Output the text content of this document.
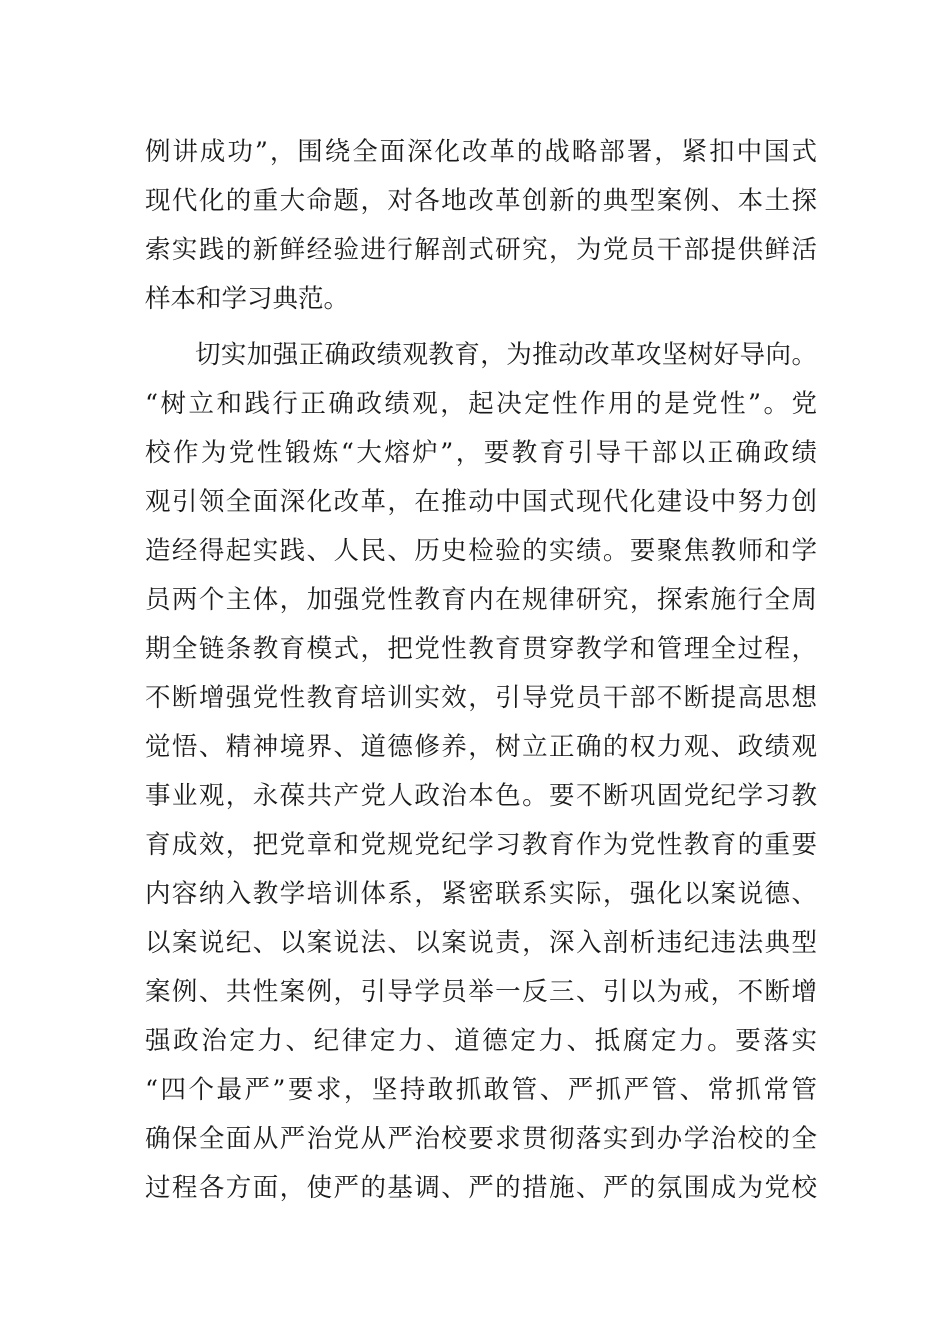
例讲成功”，围绕全面深化改革的战略部署，紧扣中国式
现代化的重大命题，对各地改革创新的典型案例、本土探
索实践的新鲜经验进行解剖式研究，为党员干部提供鲜活
样本和学习典范。
切实加强正确政绩观教育，为推动改革攻坚树好导向。
“树立和践行正确政绩观，起决定性作用的是党性”。党
校作为党性锻炼“大熔炉”，要教育引导干部以正确政绩
观引领全面深化改革，在推动中国式现代化建设中努力创
造经得起实践、人民、历史检验的实绩。要聚焦教师和学
员两个主体，加强党性教育内在规律研究，探索施行全周
期全链条教育模式，把党性教育贯穿教学和管理全过程，
不断增强党性教育培训实效，引导党员干部不断提高思想
觉悟、精神境界、道德修养，树立正确的权力观、政绩观
事业观，永葆共产党人政治本色。要不断巩固党纪学习教
育成效，把党章和党规党纪学习教育作为党性教育的重要
内容纳入教学培训体系，紧密联系实际，强化以案说德、
以案说纪、以案说法、以案说责，深入剖析违纪违法典型
案例、共性案例，引导学员举一反三、引以为戒，不断增
强政治定力、纪律定力、道德定力、抵腐定力。要落实
“四个最严”要求，坚持敢抓敢管、严抓严管、常抓常管
确保全面从严治党从严治校要求贯彻落实到办学治校的全
过程各方面，使严的基调、严的措施、严的氛围成为党校
